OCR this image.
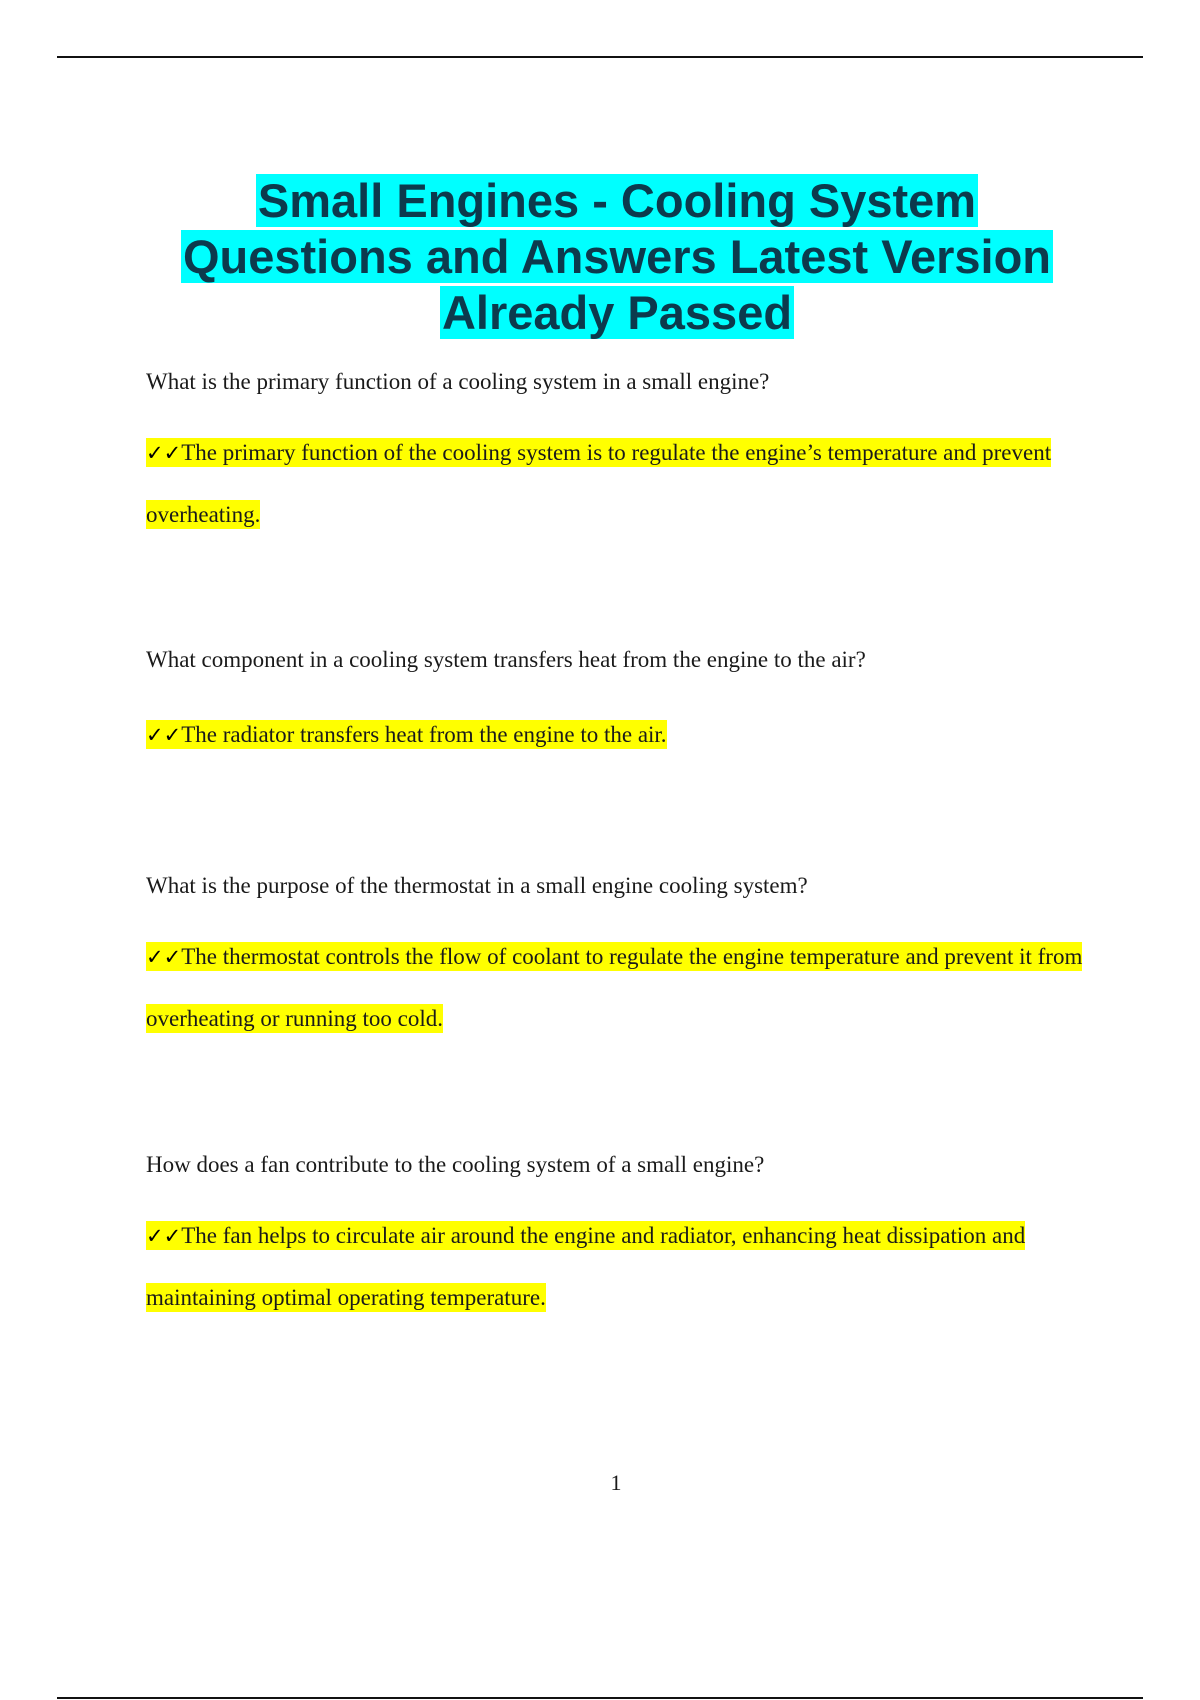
Small Engines - Cooling System
Questions and Answers Latest Version
Already Passed

What is the primary function of a cooling system in a small engine?

✓✓The primary function of the cooling system is to regulate the engine’s temperature and prevent overheating.

What component in a cooling system transfers heat from the engine to the air?

✓✓The radiator transfers heat from the engine to the air.

What is the purpose of the thermostat in a small engine cooling system?

✓✓The thermostat controls the flow of coolant to regulate the engine temperature and prevent it from overheating or running too cold.

How does a fan contribute to the cooling system of a small engine?

✓✓The fan helps to circulate air around the engine and radiator, enhancing heat dissipation and maintaining optimal operating temperature.

1
